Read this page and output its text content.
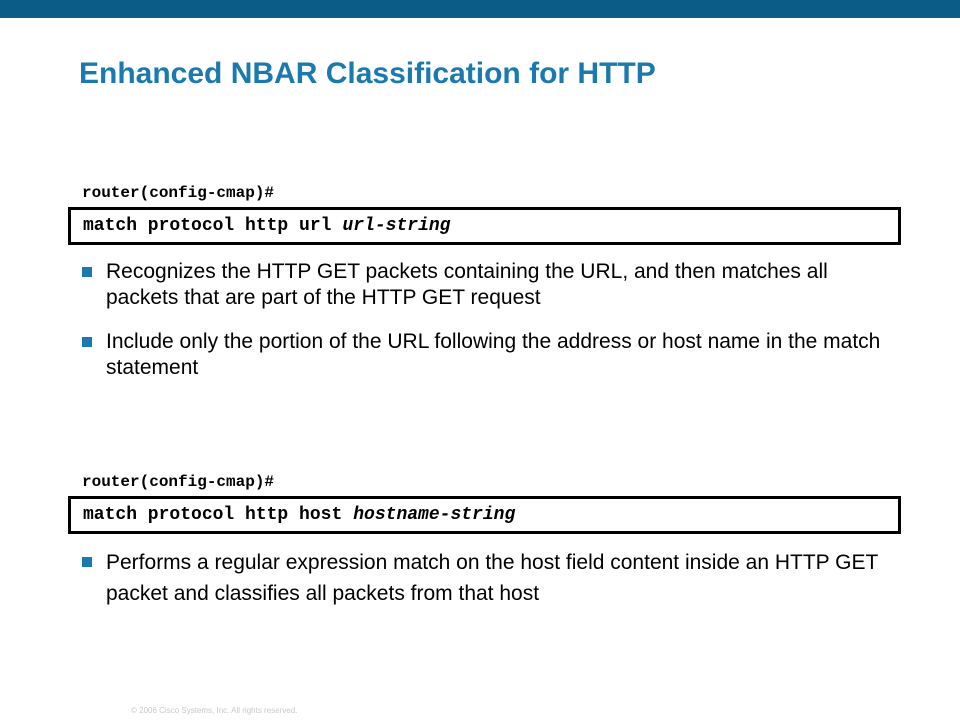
Enhanced NBAR Classification for HTTP
router(config-cmap)#
match protocol http url url-string
Recognizes the HTTP GET packets containing the URL, and then matches all packets that are part of the HTTP GET request
Include only the portion of the URL following the address or host name in the match statement
router(config-cmap)#
match protocol http host hostname-string
Performs a regular expression match on the host field content inside an HTTP GET packet and classifies all packets from that host
© 2006 Cisco Systems, Inc. All rights reserved.
